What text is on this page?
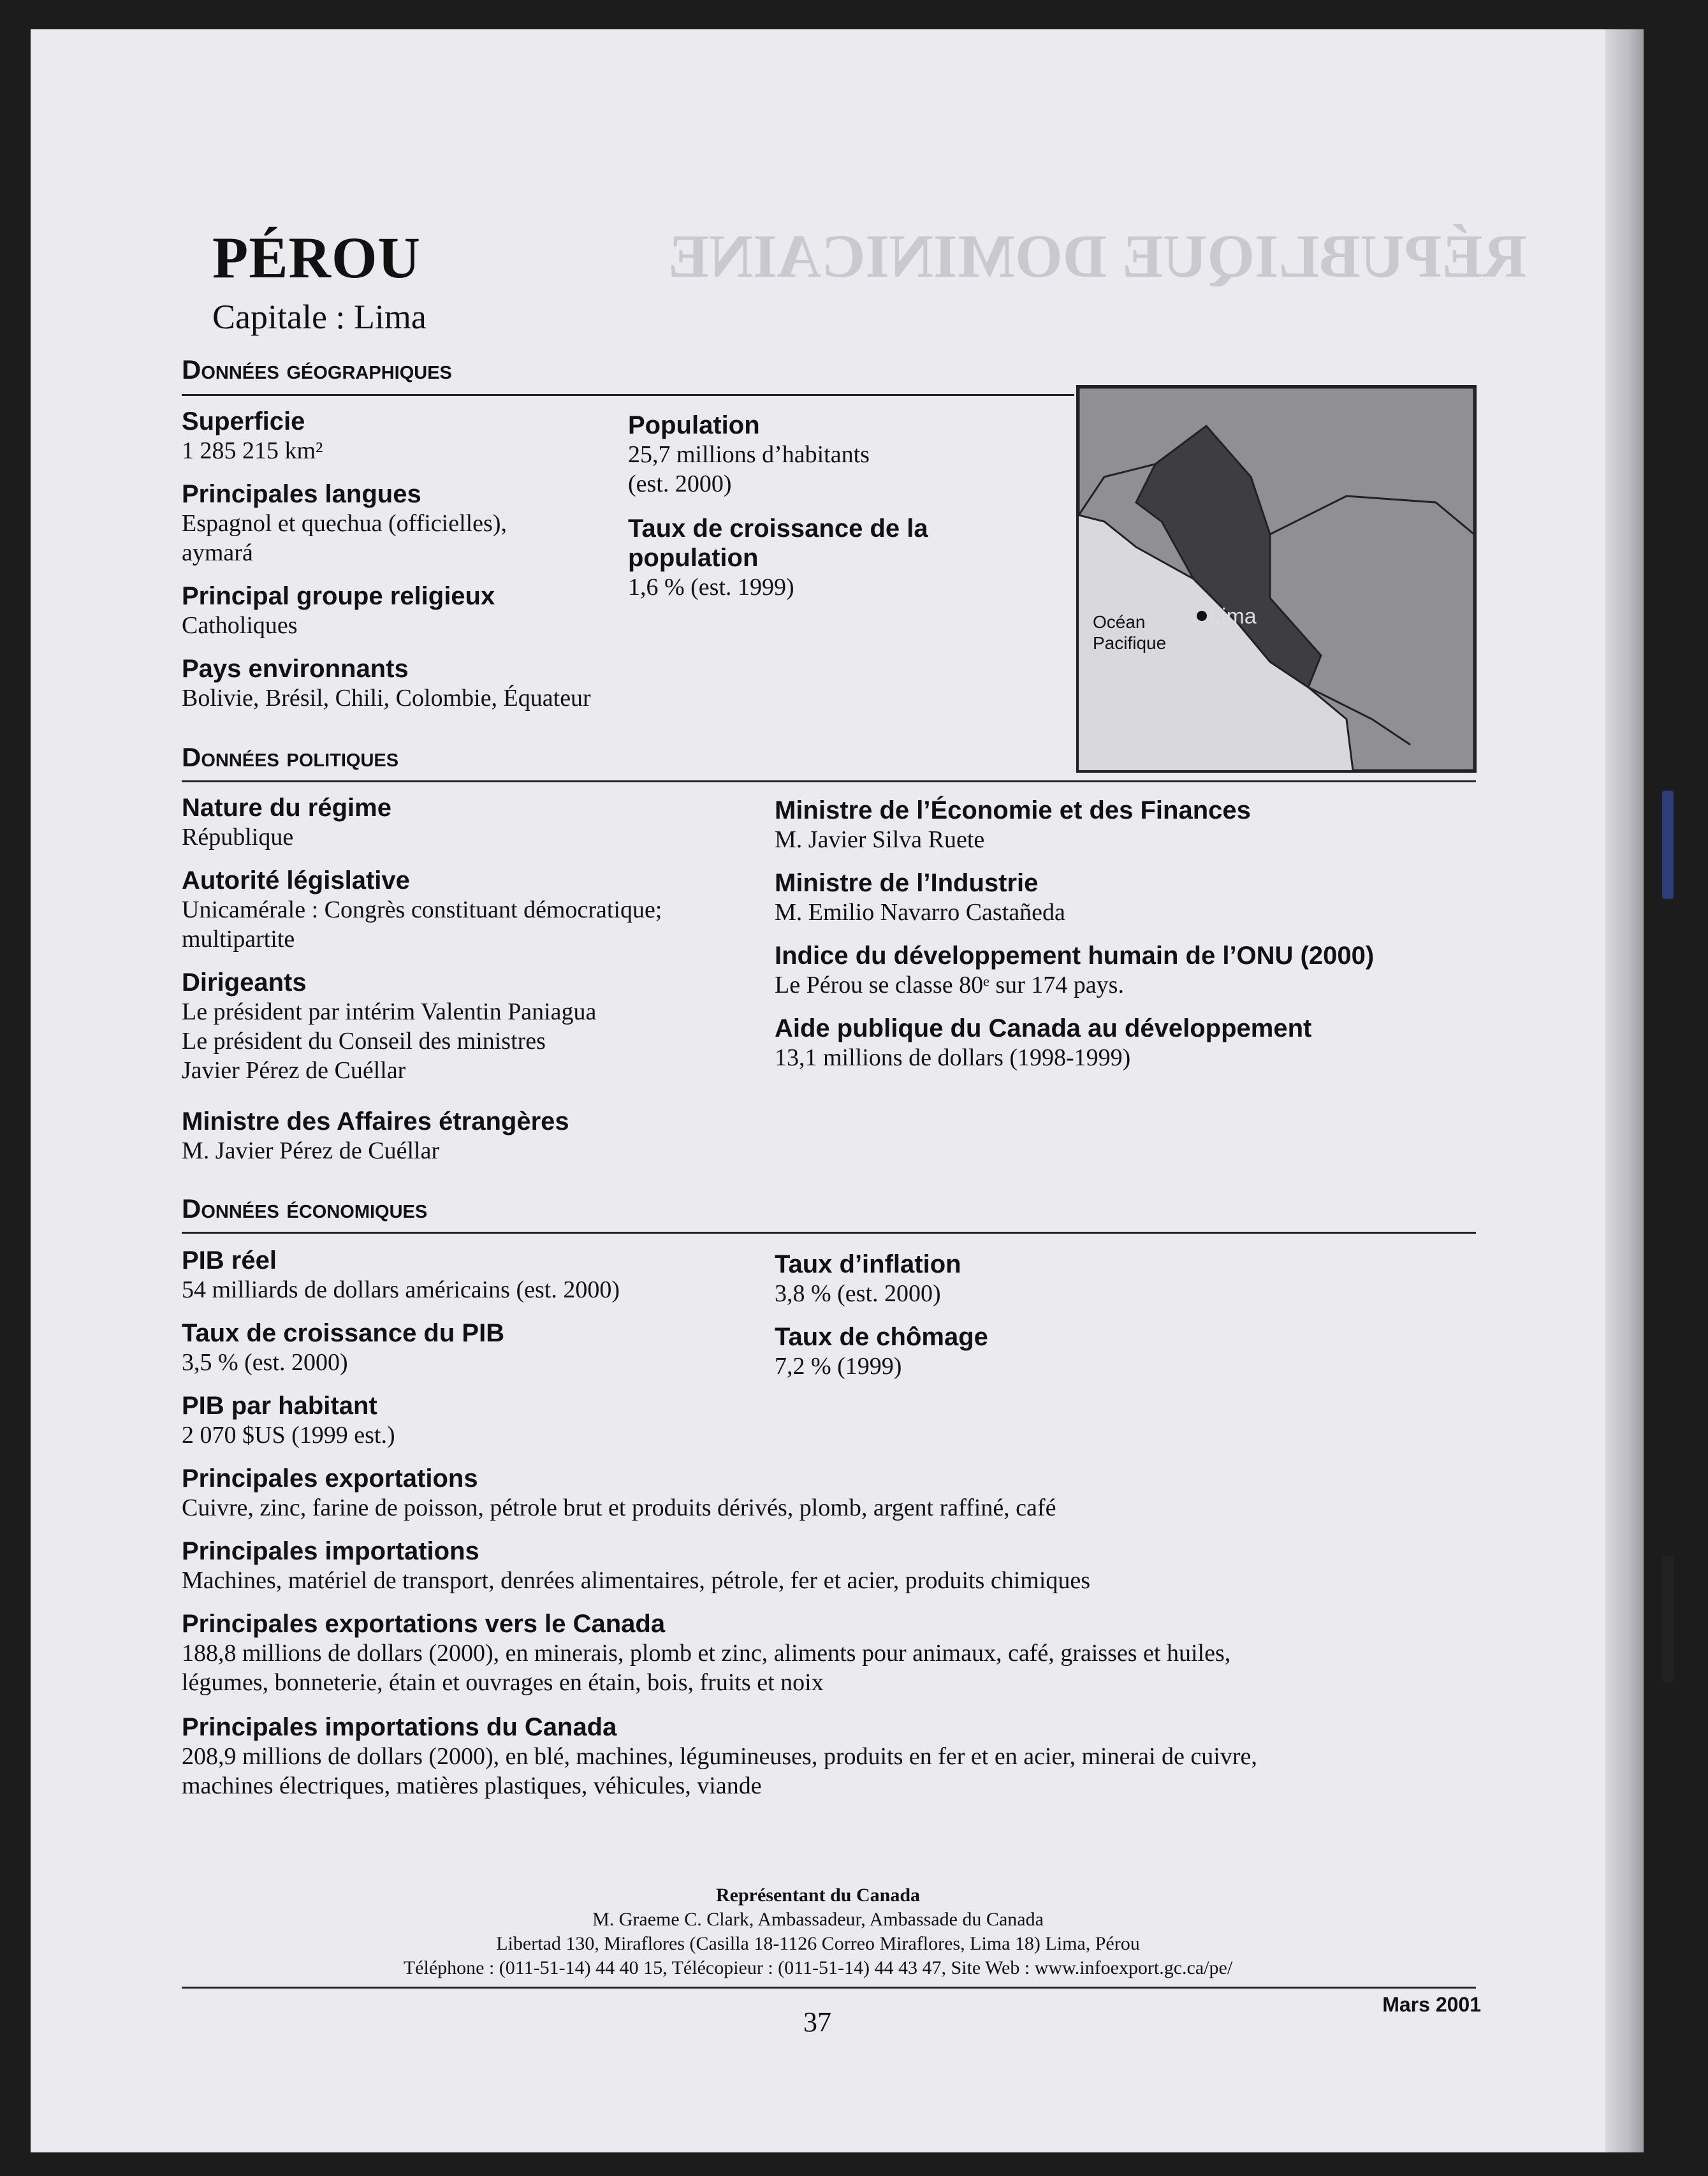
RÉPUBLIQUE DOMINICAINE
PÉROU
Capitale : Lima
Données géographiques
Superficie
1 285 215 km²
Principales langues
Espagnol et quechua (officielles),
aymará
Principal groupe religieux
Catholiques
Pays environnants
Bolivie, Brésil, Chili, Colombie, Équateur
Population
25,7 millions d’habitants
(est. 2000)
Taux de croissance de la
population
1,6 % (est. 1999)
Océan
Pacifique
Lima
Données politiques
Nature du régime
République
Autorité législative
Unicamérale : Congrès constituant démocratique;
multipartite
Dirigeants
Le président par intérim Valentin Paniagua
Le président du Conseil des ministres
Javier Pérez de Cuéllar
Ministre des Affaires étrangères
M. Javier Pérez de Cuéllar
Ministre de l’Économie et des Finances
M. Javier Silva Ruete
Ministre de l’Industrie
M. Emilio Navarro Castañeda
Indice du développement humain de l’ONU (2000)
Le Pérou se classe 80ᵉ sur 174 pays.
Aide publique du Canada au développement
13,1 millions de dollars (1998-1999)
Données économiques
PIB réel
54 milliards de dollars américains (est. 2000)
Taux de croissance du PIB
3,5 % (est. 2000)
PIB par habitant
2 070 $US (1999 est.)
Taux d’inflation
3,8 % (est. 2000)
Taux de chômage
7,2 % (1999)
Principales exportations
Cuivre, zinc, farine de poisson, pétrole brut et produits dérivés, plomb, argent raffiné, café
Principales importations
Machines, matériel de transport, denrées alimentaires, pétrole, fer et acier, produits chimiques
Principales exportations vers le Canada
188,8 millions de dollars (2000), en minerais, plomb et zinc, aliments pour animaux, café, graisses et huiles,
légumes, bonneterie, étain et ouvrages en étain, bois, fruits et noix
Principales importations du Canada
208,9 millions de dollars (2000), en blé, machines, légumineuses, produits en fer et en acier, minerai de cuivre,
machines électriques, matières plastiques, véhicules, viande
Représentant du Canada
M. Graeme C. Clark, Ambassadeur, Ambassade du Canada
Libertad 130, Miraflores (Casilla 18-1126 Correo Miraflores, Lima 18) Lima, Pérou
Téléphone : (011-51-14) 44 40 15, Télécopieur : (011-51-14) 44 43 47, Site Web : www.infoexport.gc.ca/pe/
Mars 2001
37
